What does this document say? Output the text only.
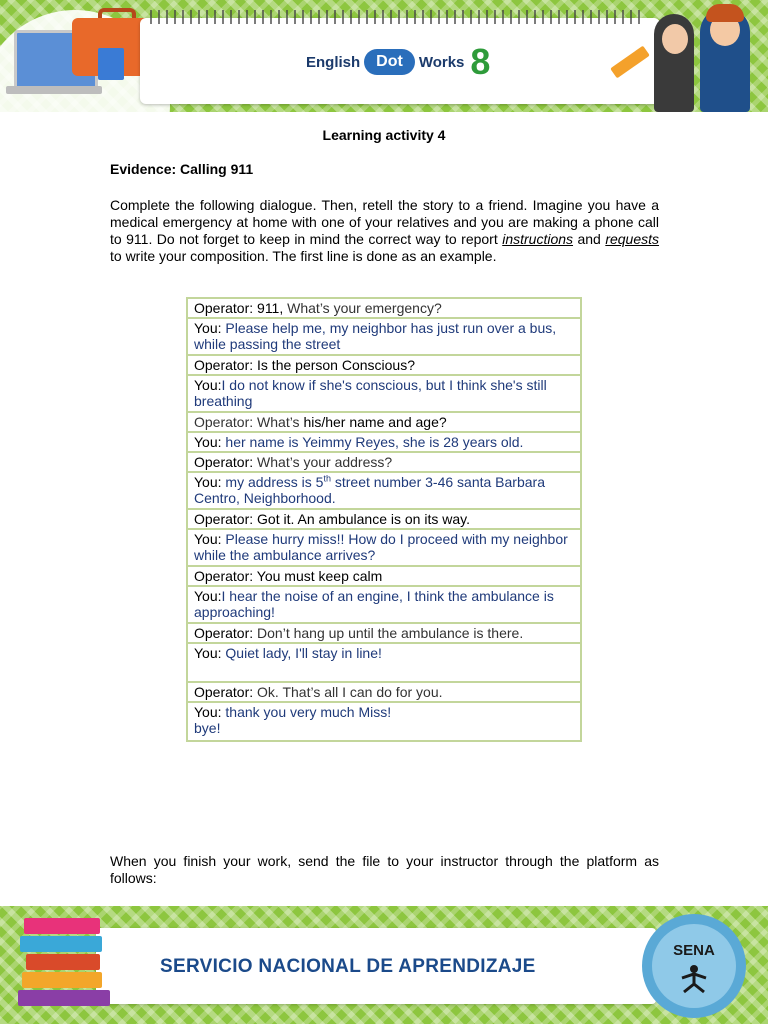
English	Dot	Works 8
Learning activity 4
Evidence: Calling 911
Complete the following dialogue. Then, retell the story to a friend. Imagine you have a medical emergency at home with one of your relatives and you are making a phone call to 911. Do not forget to keep in mind the correct way to report instructions and requests to write your composition. The first line is done as an example.
Operator: 911, What’s your emergency?
You: Please help me, my neighbor has just run over a bus, while passing the street
Operator: Is the person Conscious?
You:I do not know if she's conscious, but I think she's still breathing
Operator: What’s his/her name and age?
You: her name is Yeimmy Reyes, she is 28 years old.
Operator: What’s your address?
You: my address is 5th street number 3-46 santa Barbara Centro, Neighborhood.
Operator: Got it. An ambulance is on its way.
You: Please hurry miss!! How do I proceed with my neighbor while the ambulance arrives?
Operator: You must keep calm
You:I hear the noise of an engine, I think the ambulance is approaching!
Operator: Don’t hang up until the ambulance is there.
You: Quiet lady, I'll stay in line!
Operator: Ok. That’s all I can do for you.
You: thank you very much Miss!
bye!
When you finish your work, send the file to your instructor through the platform as follows:
SERVICIO NACIONAL DE APRENDIZAJE
SENA
